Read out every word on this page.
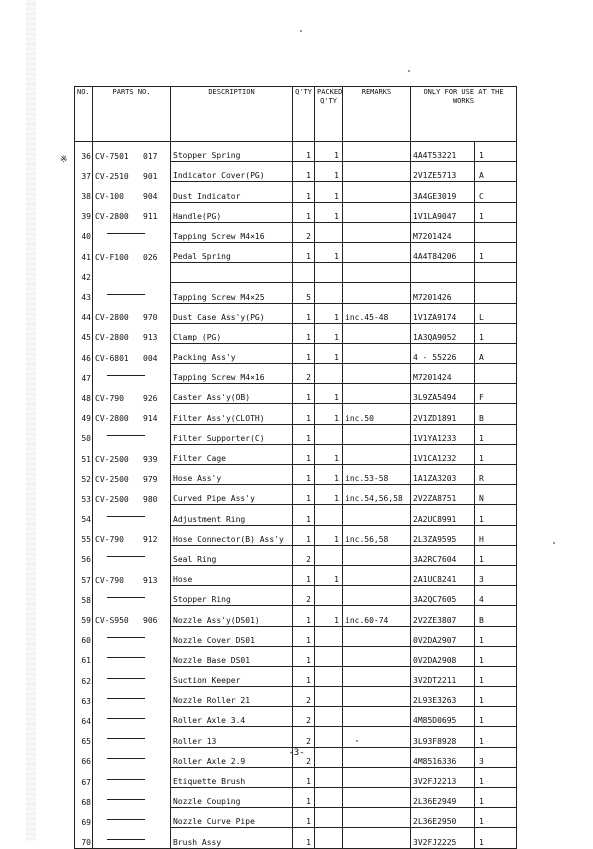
※
NO.	PARTS NO.	DESCRIPTION	Q'TY	PACKED Q'TY	REMARKS	ONLY FOR USE AT THE WORKS	
36	CV-7501 017	Stopper Spring	1	1		4A4T53221	1
37	CV-2510 901	Indicator Cover(PG)	1	1		2V1ZE5713	A
38	CV-100 904	Dust Indicator	1	1		3A4GE3019	C
39	CV-2800 911	Handle(PG)	1	1		1V1LA9047	1
40		Tapping Screw M4×16	2			M7201424	
41	CV-F100 026	Pedal Spring	1	1		4A4T84206	1
42							
43		Tapping Screw M4×25	5			M7201426	
44	CV-2800 970	Dust Case Ass'y(PG)	1	1	inc.45-48	1V1ZA9174	L
45	CV-2800 913	Clamp (PG)	1	1		1A3QA9052	1
46	CV-6801 004	Packing Ass'y	1	1		4 - 55226	A
47		Tapping Screw M4×16	2			M7201424	
48	CV-790 926	Caster Ass'y(OB)	1	1		3L9ZA5494	F
49	CV-2800 914	Filter Ass'y(CLOTH)	1	1	inc.50	2V1ZD1891	B
50		Filter Supporter(C)	1			1V1YA1233	1
51	CV-2500 939	Filter Cage	1	1		1V1CA1232	1
52	CV-2500 979	Hose Ass'y	1	1	inc.53-58	1A1ZA3203	R
53	CV-2500 980	Curved Pipe Ass'y	1	1	inc.54,56,58	2V2ZA8751	N
54		Adjustment Ring	1			2A2UC8991	1
55	CV-790 912	Hose Connector(B) Ass'y	1	1	inc.56,58	2L3ZA9595	H
56		Seal Ring	2			3A2RC7604	1
57	CV-790 913	Hose	1	1		2A1UC8241	3
58		Stopper Ring	2			3A2QC7605	4
59	CV-S950 906	Nozzle Ass'y(DS01)	1	1	inc.60-74	2V2ZE3807	B
60		Nozzle Cover DS01	1			0V2DA2907	1
61		Nozzle Base DS01	1			0V2DA2908	1
62		Suction Keeper	1			3V2DT2211	1
63		Nozzle Roller 21	2			2L93E3263	1
64		Roller Axle 3.4	2			4M85D0695	1
65		Roller 13	2			3L93F8928	1
66		Roller Axle 2.9	2			4M8516336	3
67		Etiquette Brush	1			3V2FJ2213	1
68		Nozzle Couping	1			2L36E2949	1
69		Nozzle Curve Pipe	1			2L36E2950	1
70		Brush Assy	1			3V2FJ2225	1
-3-
